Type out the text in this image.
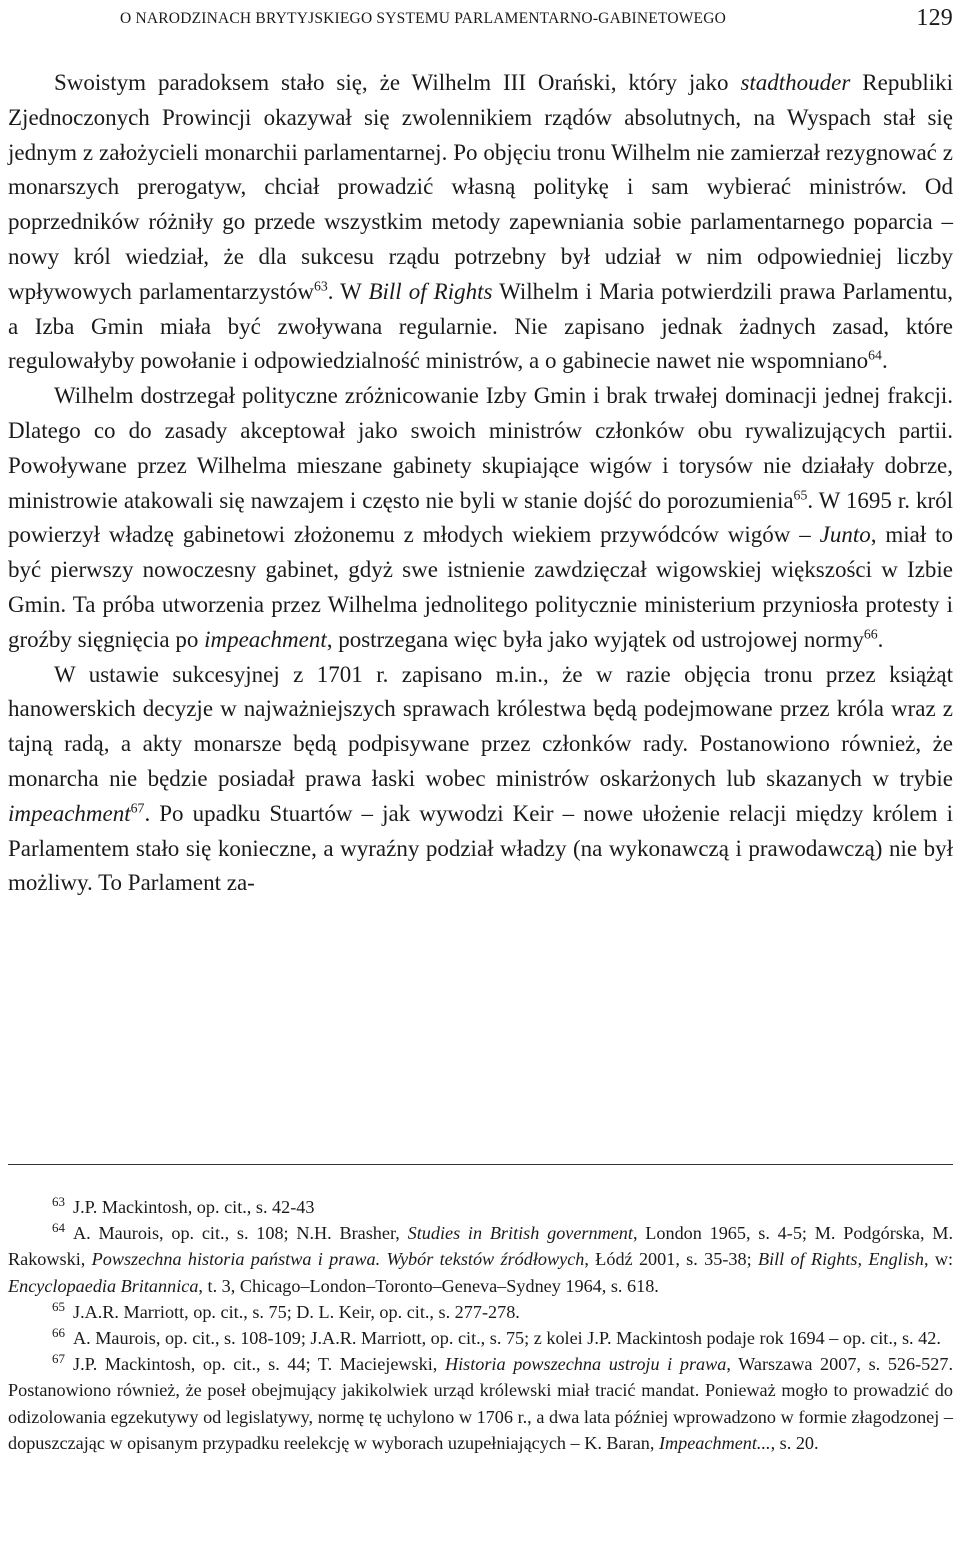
O NARODZINACH BRYTYJSKIEGO SYSTEMU PARLAMENTARNO-GABINETOWEGO	129

Swoistym paradoksem stało się, że Wilhelm III Orański, który jako stadthouder Republiki Zjednoczonych Prowincji okazywał się zwolennikiem rządów absolutnych, na Wyspach stał się jednym z założycieli monarchii parlamentarnej. Po objęciu tronu Wilhelm nie zamierzał rezygnować z monarszych prerogatyw, chciał prowadzić własną politykę i sam wybierać ministrów. Od poprzedników różniły go przede wszystkim metody zapewniania sobie parlamentarnego poparcia – nowy król wiedział, że dla sukcesu rządu potrzebny był udział w nim odpowiedniej liczby wpływowych parlamentarzystów$^{63}$. W Bill of Rights Wilhelm i Maria potwierdzili prawa Parlamentu, a Izba Gmin miała być zwoływana regularnie. Nie zapisano jednak żadnych zasad, które regulowałyby powołanie i odpowiedzialność ministrów, a o gabinecie nawet nie wspomniano$^{64}$.

Wilhelm dostrzegał polityczne zróżnicowanie Izby Gmin i brak trwałej dominacji jednej frakcji. Dlatego co do zasady akceptował jako swoich ministrów członków obu rywalizujących partii. Powoływane przez Wilhelma mieszane gabinety skupiające wigów i torysów nie działały dobrze, ministrowie atakowali się nawzajem i często nie byli w stanie dojść do porozumienia$^{65}$. W 1695 r. król powierzył władzę gabinetowi złożonemu z młodych wiekiem przywódców wigów – Junto, miał to być pierwszy nowoczesny gabinet, gdyż swe istnienie zawdzięczał wigowskiej większości w Izbie Gmin. Ta próba utworzenia przez Wilhelma jednolitego politycznie ministerium przyniosła protesty i groźby sięgnięcia po impeachment, postrzegana więc była jako wyjątek od ustrojowej normy$^{66}$.

W ustawie sukcesyjnej z 1701 r. zapisano m.in., że w razie objęcia tronu przez książąt hanowerskich decyzje w najważniejszych sprawach królestwa będą podejmowane przez króla wraz z tajną radą, a akty monarsze będą podpisywane przez członków rady. Postanowiono również, że monarcha nie będzie posiadał prawa łaski wobec ministrów oskarżonych lub skazanych w trybie impeachment$^{67}$. Po upadku Stuartów – jak wywodzi Keir – nowe ułożenie relacji między królem i Parlamentem stało się konieczne, a wyraźny podział władzy (na wykonawczą i prawodawczą) nie był możliwy. To Parlament za-

$^{63}$ J.P. Mackintosh, op. cit., s. 42-43

$^{64}$ A. Maurois, op. cit., s. 108; N.H. Brasher, Studies in British government, London 1965, s. 4-5; M. Podgórska, M. Rakowski, Powszechna historia państwa i prawa. Wybór tekstów źródłowych, Łódź 2001, s. 35-38; Bill of Rights, English, w: Encyclopaedia Britannica, t. 3, Chicago–London–Toronto–Geneva–Sydney 1964, s. 618.

$^{65}$ J.A.R. Marriott, op. cit., s. 75; D. L. Keir, op. cit., s. 277-278.

$^{66}$ A. Maurois, op. cit., s. 108-109; J.A.R. Marriott, op. cit., s. 75; z kolei J.P. Mackintosh podaje rok 1694 – op. cit., s. 42.

$^{67}$ J.P. Mackintosh, op. cit., s. 44; T. Maciejewski, Historia powszechna ustroju i prawa, Warszawa 2007, s. 526-527. Postanowiono również, że poseł obejmujący jakikolwiek urząd królewski miał tracić mandat. Ponieważ mogło to prowadzić do odizolowania egzekutywy od legislatywy, normę tę uchylono w 1706 r., a dwa lata później wprowadzono w formie złagodzonej – dopuszczając w opisanym przypadku reelekcję w wyborach uzupełniających – K. Baran, Impeachment..., s. 20.
